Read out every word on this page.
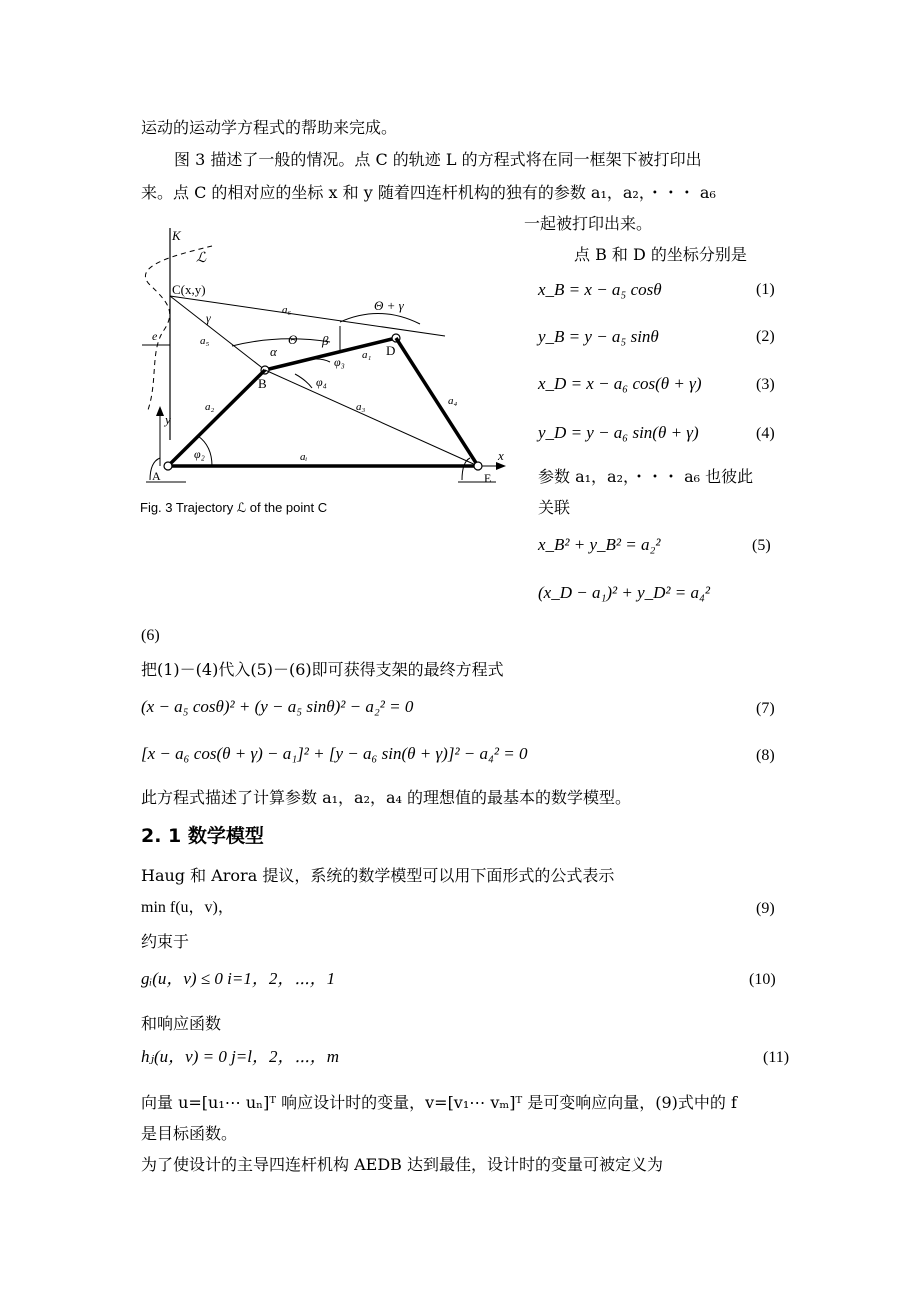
运动的运动学方程式的帮助来完成。
图 3 描述了一般的情况。点 C 的轨迹 L 的方程式将在同一框架下被打印出
来。点 C 的相对应的坐标 x 和 y 随着四连杆机构的独有的参数 a₁，a₂，・・・ a₆
一起被打印出来。
点 B 和 D 的坐标分别是
x_B = x − a₅ cosθ	(1)
y_B = y − a₅ sinθ	(2)
x_D = x − a₆ cos(θ + γ)	(3)
y_D = y − a₆ sin(θ + γ)	(4)
参数 a₁，a₂，・・・ a₆ 也彼此
关联
x_B² + y_B² = a₂²	(5)
(x_D − a₁)² + y_D² = a₄²
(6)
把(1)－(4)代入(5)－(6)即可获得支架的最终方程式
(x − a₅ cosθ)² + (y − a₅ sinθ)² − a₂² = 0	(7)
[x − a₆ cos(θ + γ) − a₁]² + [y − a₆ sin(θ + γ)]² − a₄² = 0	(8)
此方程式描述了计算参数 a₁，a₂，a₄ 的理想值的最基本的数学模型。
2. 1 数学模型
Haug 和 Arora 提议，系统的数学模型可以用下面形式的公式表示
min f(u，v)，	(9)
约束于
gᵢ(u，v) ≤ 0 i=1，2，⋯，1	(10)
和响应函数
hⱼ(u，v) = 0 j=l，2，⋯，m	(11)
向量 u=[u₁⋯ uₙ]ᵀ 响应设计时的变量，v=[v₁⋯ vₘ]ᵀ 是可变响应向量，(9)式中的 f
是目标函数。
为了使设计的主导四连杆机构 AEDB 达到最佳，设计时的变量可被定义为
K
ℒ
C(x,y)
e
a₆	Θ + γ
γ
a₅	Θ β
a₁ D
α
φ₃
φ₄
B
a₂	a₄
a₃
y
φ₂	aᵢ	x
A	E
Fig. 3 Trajectory ℒ of the point C
